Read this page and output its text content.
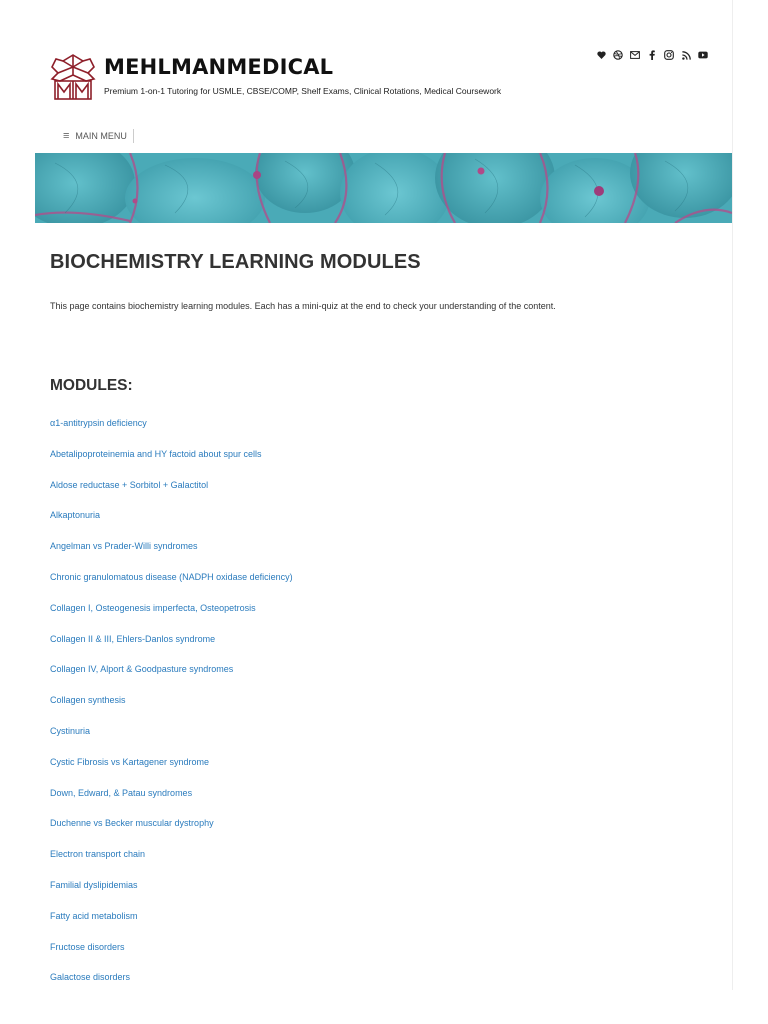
MEHLMANMEDICAL
Premium 1-on-1 Tutoring for USMLE, CBSE/COMP, Shelf Exams, Clinical Rotations, Medical Coursework
≡ MAIN MENU
BIOCHEMISTRY LEARNING MODULES

This page contains biochemistry learning modules. Each has a mini-quiz at the end to check your understanding of the content.

MODULES:
α1-antitrypsin deficiency
Abetalipoproteinemia and HY factoid about spur cells
Aldose reductase + Sorbitol + Galactitol
Alkaptonuria
Angelman vs Prader-Willi syndromes
Chronic granulomatous disease (NADPH oxidase deficiency)
Collagen I, Osteogenesis imperfecta, Osteopetrosis
Collagen II & III, Ehlers-Danlos syndrome
Collagen IV, Alport & Goodpasture syndromes
Collagen synthesis
Cystinuria
Cystic Fibrosis vs Kartagener syndrome
Down, Edward, & Patau syndromes
Duchenne vs Becker muscular dystrophy
Electron transport chain
Familial dyslipidemias
Fatty acid metabolism
Fructose disorders
Galactose disorders
